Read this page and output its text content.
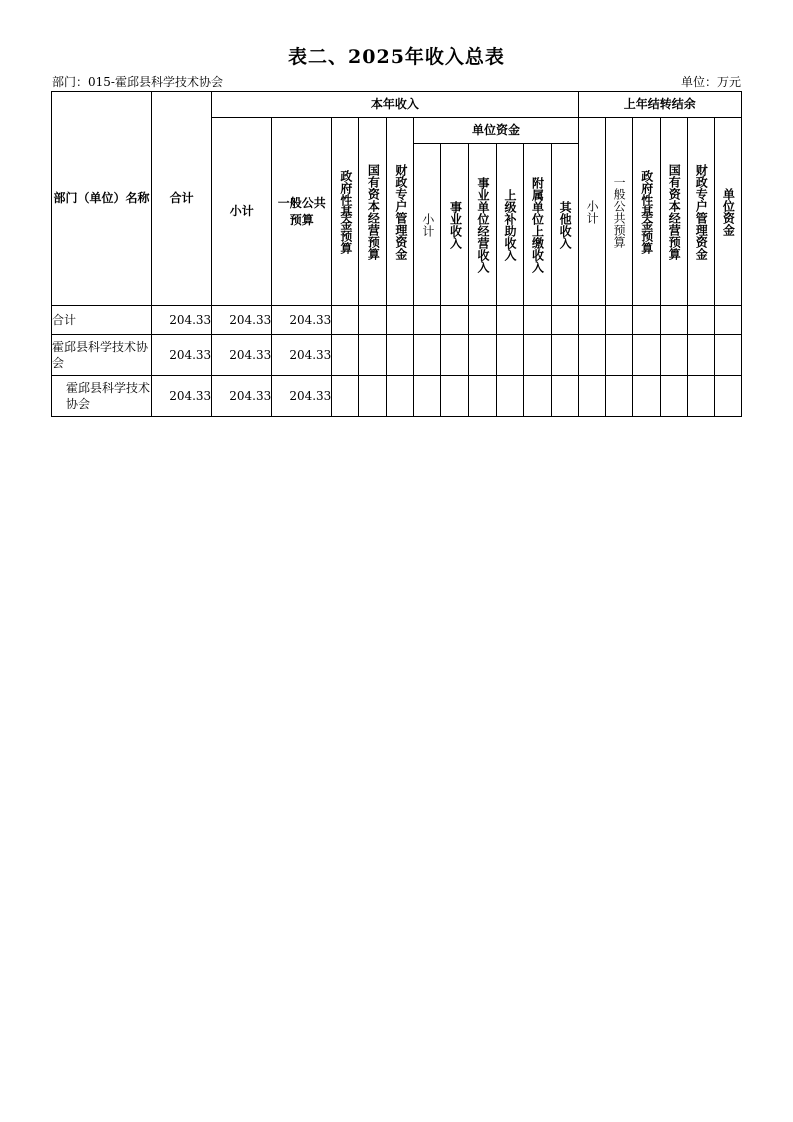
表二、2025年收入总表
部门：015-霍邱县科学技术协会	单位：万元
部门（单位）名称	合计	本年收入											上年结转结余					
		小计	一般公共预算	政府性基金预算	国有资本经营预算	财政专户管理资金	单位资金						小计	一般公共预算	政府性基金预算	国有资本经营预算	财政专户管理资金	单位资金
							小计	事业收入	事业单位经营收入	上级补助收入	附属单位上缴收入	其他收入						
合计	204.33	204.33	204.33															
霍邱县科学技术协会	204.33	204.33	204.33															
霍邱县科学技术协会	204.33	204.33	204.33															
